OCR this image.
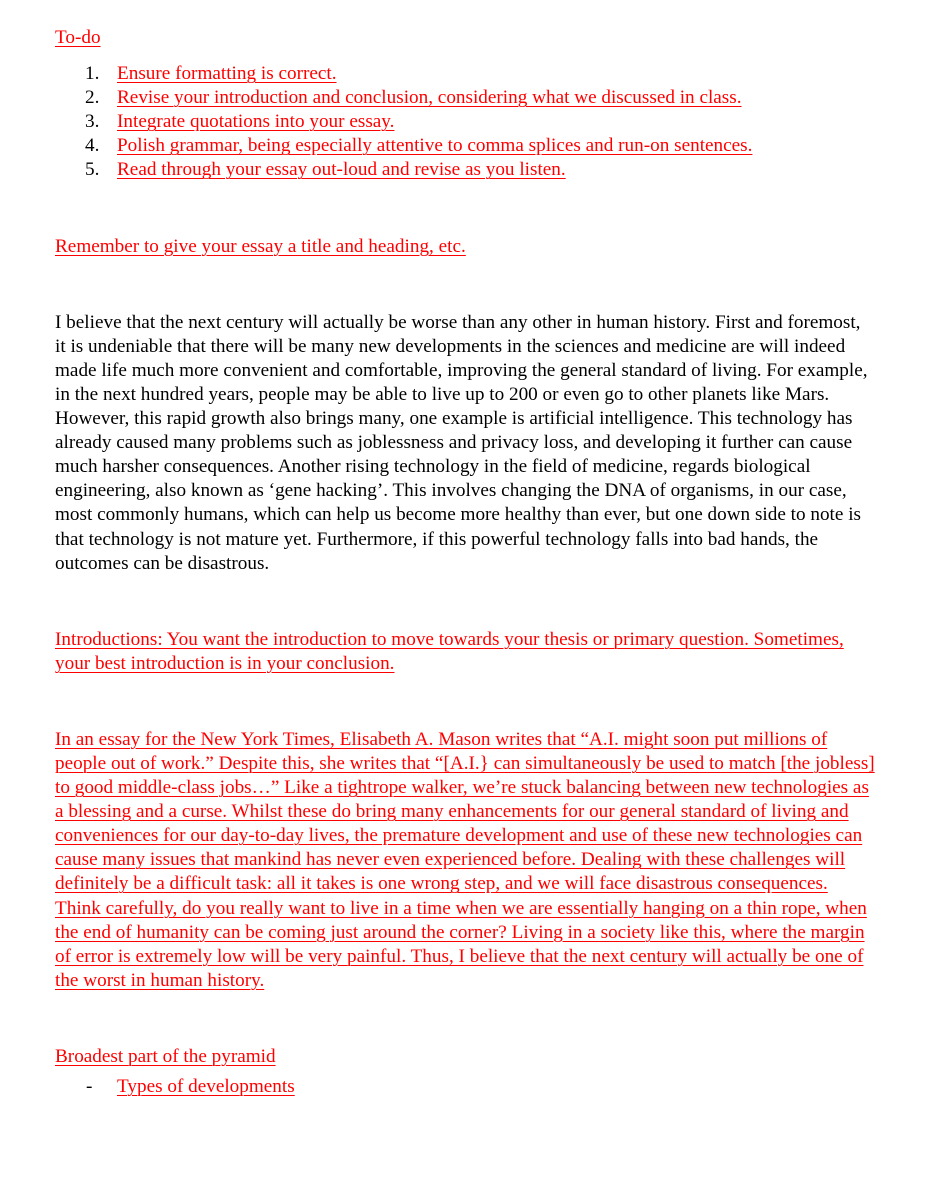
To-do

1. Ensure formatting is correct.
2. Revise your introduction and conclusion, considering what we discussed in class.
3. Integrate quotations into your essay.
4. Polish grammar, being especially attentive to comma splices and run-on sentences.
5. Read through your essay out-loud and revise as you listen.

Remember to give your essay a title and heading, etc.

I believe that the next century will actually be worse than any other in human history. First and foremost, it is undeniable that there will be many new developments in the sciences and medicine are will indeed made life much more convenient and comfortable, improving the general standard of living. For example, in the next hundred years, people may be able to live up to 200 or even go to other planets like Mars. However, this rapid growth also brings many, one example is artificial intelligence. This technology has already caused many problems such as joblessness and privacy loss, and developing it further can cause much harsher consequences. Another rising technology in the field of medicine, regards biological engineering, also known as ‘gene hacking’. This involves changing the DNA of organisms, in our case, most commonly humans, which can help us become more healthy than ever, but one down side to note is that technology is not mature yet. Furthermore, if this powerful technology falls into bad hands, the outcomes can be disastrous.

Introductions: You want the introduction to move towards your thesis or primary question. Sometimes, your best introduction is in your conclusion.

In an essay for the New York Times, Elisabeth A. Mason writes that “A.I. might soon put millions of people out of work.” Despite this, she writes that “[A.I.} can simultaneously be used to match [the jobless] to good middle-class jobs…” Like a tightrope walker, we’re stuck balancing between new technologies as a blessing and a curse. Whilst these do bring many enhancements for our general standard of living and conveniences for our day-to-day lives, the premature development and use of these new technologies can cause many issues that mankind has never even experienced before. Dealing with these challenges will definitely be a difficult task: all it takes is one wrong step, and we will face disastrous consequences. Think carefully, do you really want to live in a time when we are essentially hanging on a thin rope, when the end of humanity can be coming just around the corner? Living in a society like this, where the margin of error is extremely low will be very painful. Thus, I believe that the next century will actually be one of the worst in human history.

Broadest part of the pyramid

- Types of developments
